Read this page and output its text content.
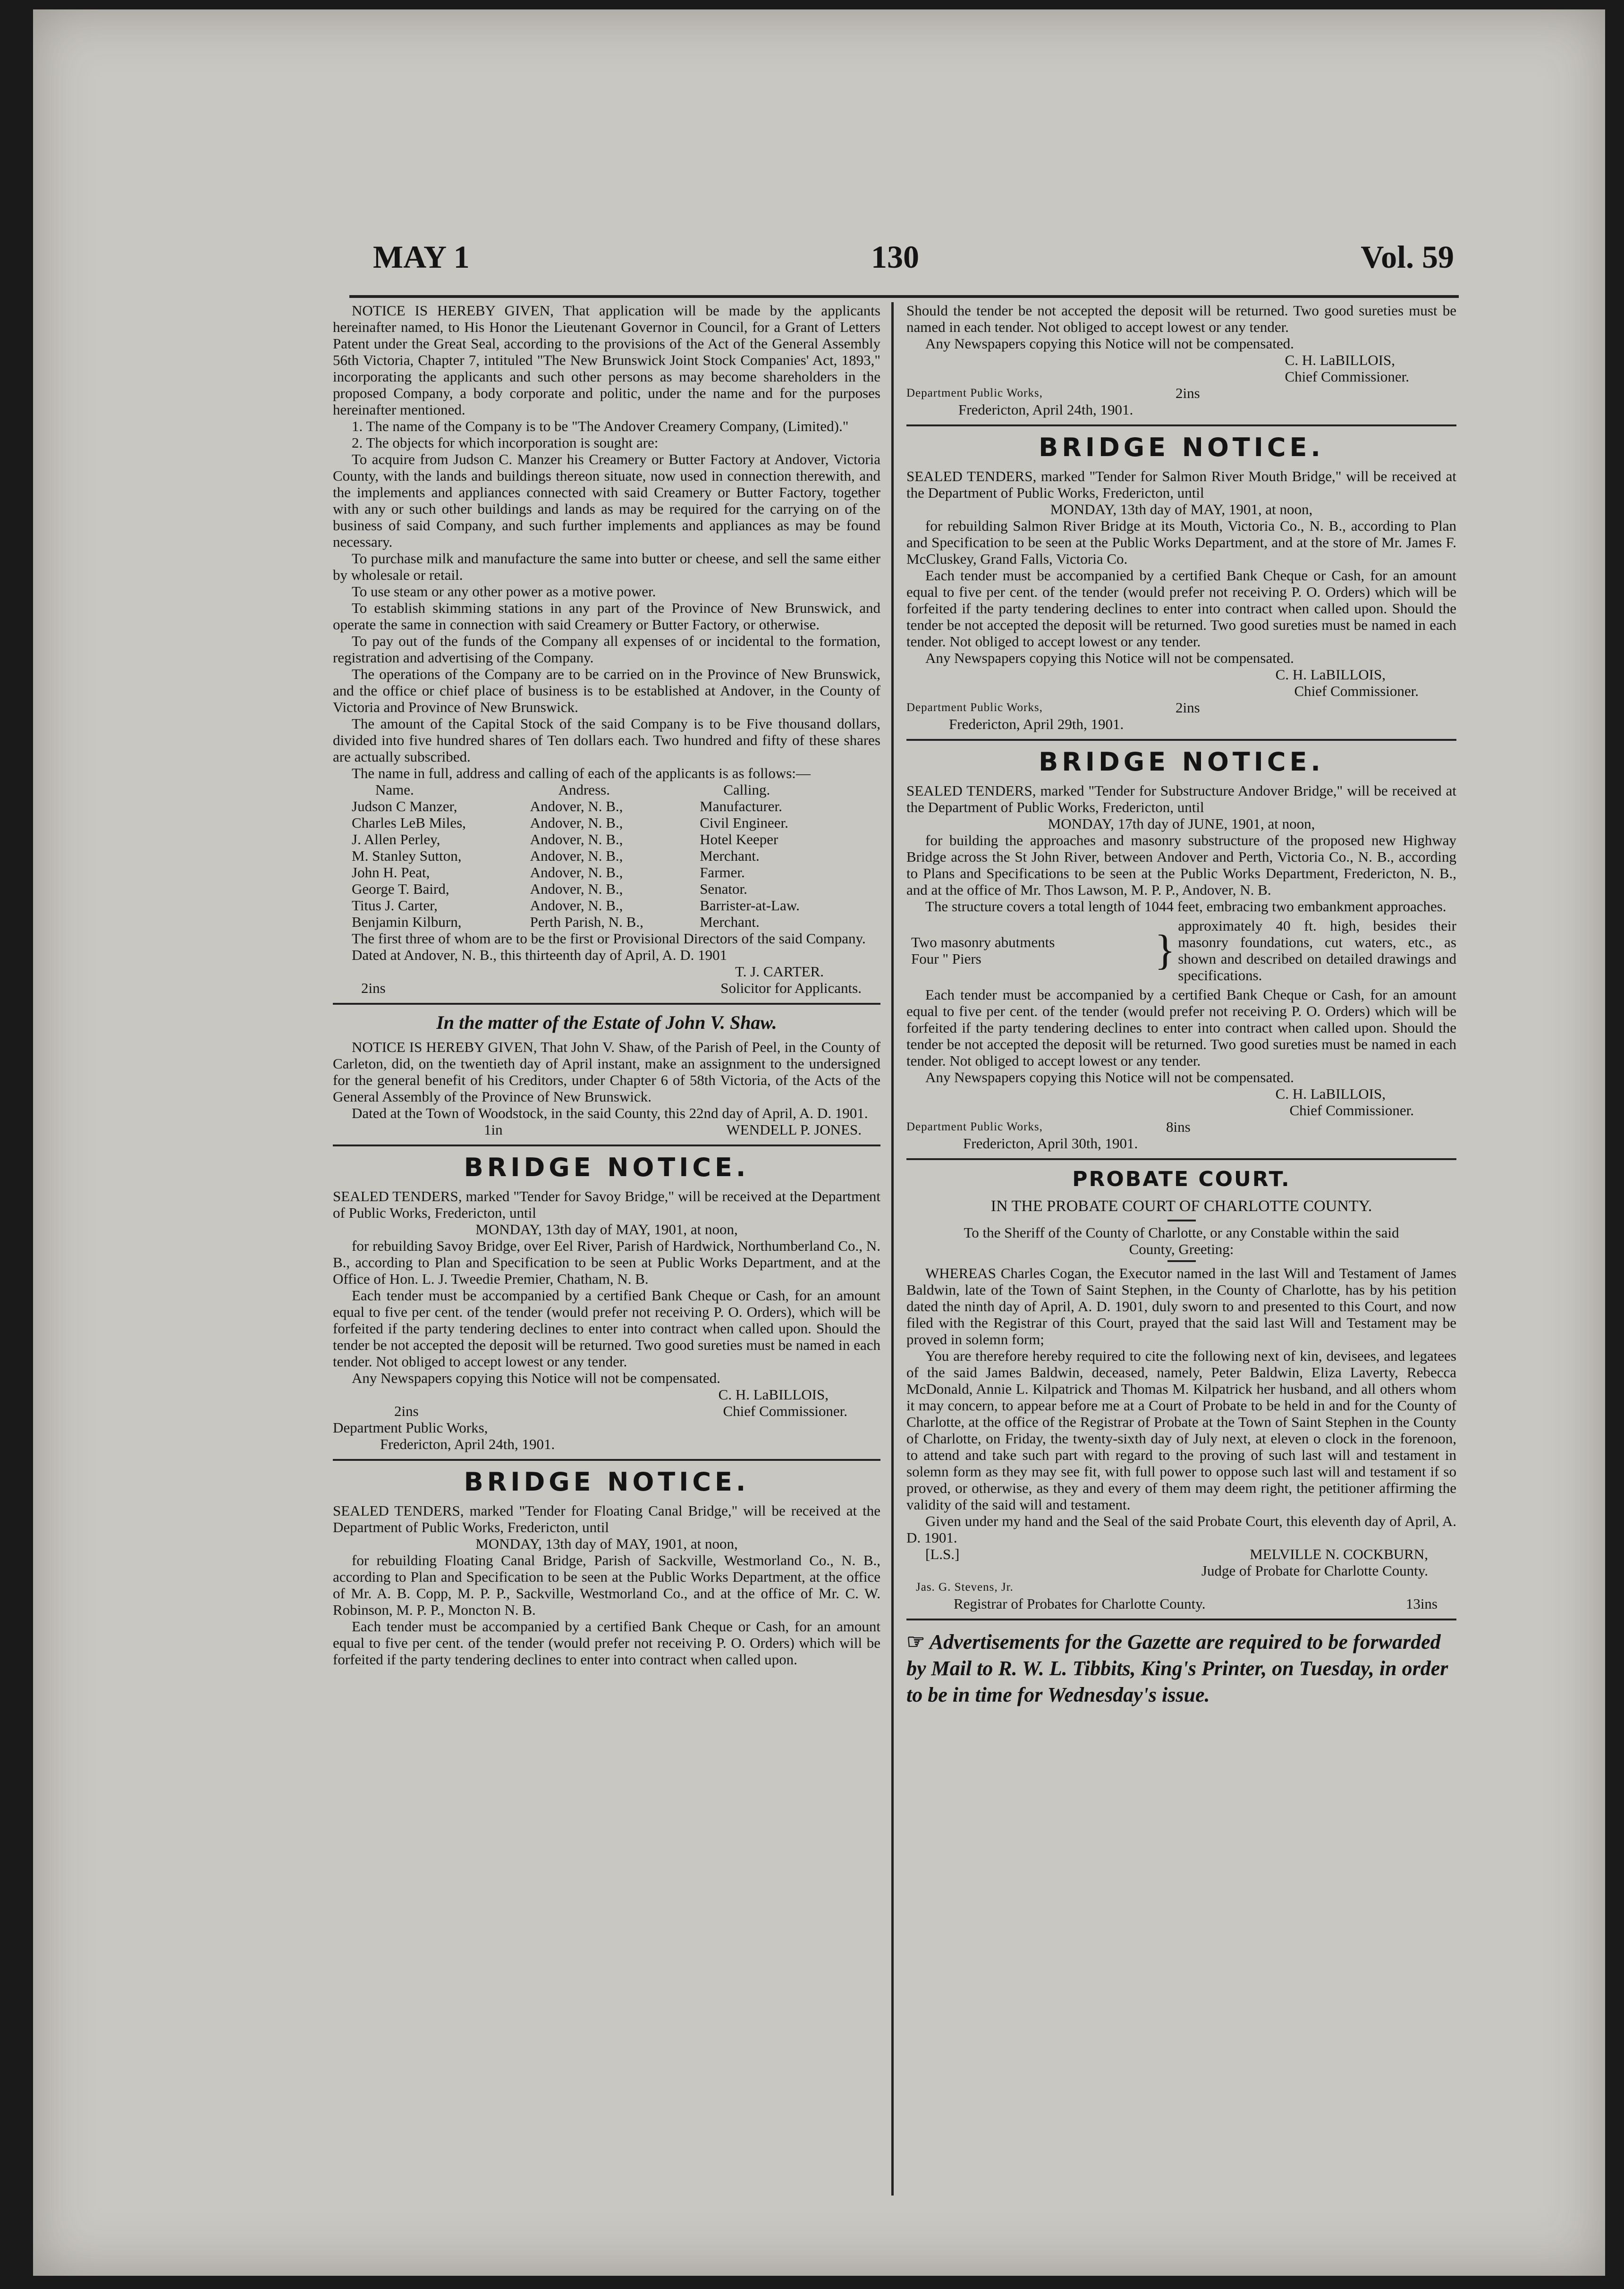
MAY 1	130	Vol. 59

NOTICE IS HEREBY GIVEN, That application will be made by the applicants hereinafter named, to His Honor the Lieutenant Governor in Council, for a Grant of Letters Patent under the Great Seal, according to the provisions of the Act of the General Assembly 56th Victoria, Chapter 7, intituled "The New Brunswick Joint Stock Companies' Act, 1893," incorporating the applicants and such other persons as may become shareholders in the proposed Company, a body corporate and politic, under the name and for the purposes hereinafter mentioned.

1. The name of the Company is to be "The Andover Creamery Company, (Limited)."

2. The objects for which incorporation is sought are:

To acquire from Judson C. Manzer his Creamery or Butter Factory at Andover, Victoria County, with the lands and buildings thereon situate, now used in connection therewith, and the implements and appliances connected with said Creamery or Butter Factory, together with any or such other buildings and lands as may be required for the carrying on of the business of said Company, and such further implements and appliances as may be found necessary.

To purchase milk and manufacture the same into butter or cheese, and sell the same either by wholesale or retail.

To use steam or any other power as a motive power.

To establish skimming stations in any part of the Province of New Brunswick, and operate the same in connection with said Creamery or Butter Factory, or otherwise.

To pay out of the funds of the Company all expenses of or incidental to the formation, registration and advertising of the Company.

The operations of the Company are to be carried on in the Province of New Brunswick, and the office or chief place of business is to be established at Andover, in the County of Victoria and Province of New Brunswick.

The amount of the Capital Stock of the said Company is to be Five thousand dollars, divided into five hundred shares of Ten dollars each. Two hundred and fifty of these shares are actually subscribed.

The name in full, address and calling of each of the applicants is as follows:—

Name.	Andress.	Calling.
Judson C Manzer,	Andover, N. B.,	Manufacturer.
Charles LeB Miles,	Andover, N. B.,	Civil Engineer.
J. Allen Perley,	Andover, N. B.,	Hotel Keeper
M. Stanley Sutton,	Andover, N. B.,	Merchant.
John H. Peat,	Andover, N. B.,	Farmer.
George T. Baird,	Andover, N. B.,	Senator.
Titus J. Carter,	Andover, N. B.,	Barrister-at-Law.
Benjamin Kilburn,	Perth Parish, N. B.,	Merchant.

The first three of whom are to be the first or Provisional Directors of the said Company.

Dated at Andover, N. B., this thirteenth day of April, A. D. 1901

T. J. CARTER.

2ins	Solicitor for Applicants.

In the matter of the Estate of John V. Shaw.

NOTICE IS HEREBY GIVEN, That John V. Shaw, of the Parish of Peel, in the County of Carleton, did, on the twentieth day of April instant, make an assignment to the undersigned for the general benefit of his Creditors, under Chapter 6 of 58th Victoria, of the Acts of the General Assembly of the Province of New Brunswick.

Dated at the Town of Woodstock, in the said County, this 22nd day of April, A. D. 1901.

1in	WENDELL P. JONES.

BRIDGE NOTICE.

SEALED TENDERS, marked "Tender for Savoy Bridge," will be received at the Department of Public Works, Fredericton, until

MONDAY, 13th day of MAY, 1901, at noon,

for rebuilding Savoy Bridge, over Eel River, Parish of Hardwick, Northumberland Co., N. B., according to Plan and Specification to be seen at Public Works Department, and at the Office of Hon. L. J. Tweedie Premier, Chatham, N. B.

Each tender must be accompanied by a certified Bank Cheque or Cash, for an amount equal to five per cent. of the tender (would prefer not receiving P. O. Orders), which will be forfeited if the party tendering declines to enter into contract when called upon. Should the tender be not accepted the deposit will be returned. Two good sureties must be named in each tender. Not obliged to accept lowest or any tender.

Any Newspapers copying this Notice will not be compensated.

C. H. LaBILLOIS,

2ins	Chief Commissioner.

Department Public Works,

Fredericton, April 24th, 1901.

BRIDGE NOTICE.

SEALED TENDERS, marked "Tender for Floating Canal Bridge," will be received at the Department of Public Works, Fredericton, until

MONDAY, 13th day of MAY, 1901, at noon,

for rebuilding Floating Canal Bridge, Parish of Sackville, Westmorland Co., N. B., according to Plan and Specification to be seen at the Public Works Department, at the office of Mr. A. B. Copp, M. P. P., Sackville, Westmorland Co., and at the office of Mr. C. W. Robinson, M. P. P., Moncton N. B.

Each tender must be accompanied by a certified Bank Cheque or Cash, for an amount equal to five per cent. of the tender (would prefer not receiving P. O. Orders) which will be forfeited if the party tendering declines to enter into contract when called upon.

Should the tender be not accepted the deposit will be returned. Two good sureties must be named in each tender. Not obliged to accept lowest or any tender.

Any Newspapers copying this Notice will not be compensated.

C. H. LaBILLOIS,

Chief Commissioner.

Department Public Works,	2ins

Fredericton, April 24th, 1901.

BRIDGE NOTICE.

SEALED TENDERS, marked "Tender for Salmon River Mouth Bridge," will be received at the Department of Public Works, Fredericton, until

MONDAY, 13th day of MAY, 1901, at noon,

for rebuilding Salmon River Bridge at its Mouth, Victoria Co., N. B., according to Plan and Specification to be seen at the Public Works Department, and at the store of Mr. James F. McCluskey, Grand Falls, Victoria Co.

Each tender must be accompanied by a certified Bank Cheque or Cash, for an amount equal to five per cent. of the tender (would prefer not receiving P. O. Orders) which will be forfeited if the party tendering declines to enter into contract when called upon. Should the tender be not accepted the deposit will be returned. Two good sureties must be named in each tender. Not obliged to accept lowest or any tender.

Any Newspapers copying this Notice will not be compensated.

C. H. LaBILLOIS,

Chief Commissioner.

Department Public Works,	2ins

Fredericton, April 29th, 1901.

BRIDGE NOTICE.

SEALED TENDERS, marked "Tender for Substructure Andover Bridge," will be received at the Department of Public Works, Fredericton, until

MONDAY, 17th day of JUNE, 1901, at noon,

for building the approaches and masonry substructure of the proposed new Highway Bridge across the St John River, between Andover and Perth, Victoria Co., N. B., according to Plans and Specifications to be seen at the Public Works Department, Fredericton, N. B., and at the office of Mr. Thos Lawson, M. P. P., Andover, N. B.

The structure covers a total length of 1044 feet, embracing two embankment approaches.

Two masonry abutments

Four " Piers	}
approximately 40 ft. high, besides their masonry foundations, cut waters, etc., as shown and described on detailed drawings and specifications.

Each tender must be accompanied by a certified Bank Cheque or Cash, for an amount equal to five per cent. of the tender (would prefer not receiving P. O. Orders) which will be forfeited if the party tendering declines to enter into contract when called upon. Should the tender be not accepted the deposit will be returned. Two good sureties must be named in each tender. Not obliged to accept lowest or any tender.

Any Newspapers copying this Notice will not be compensated.

C. H. LaBILLOIS,

Chief Commissioner.

Department Public Works,	8ins

Fredericton, April 30th, 1901.

PROBATE COURT.

IN THE PROBATE COURT OF CHARLOTTE COUNTY.

To the Sheriff of the County of Charlotte, or any Constable within the said County, Greeting:

WHEREAS Charles Cogan, the Executor named in the last Will and Testament of James Baldwin, late of the Town of Saint Stephen, in the County of Charlotte, has by his petition dated the ninth day of April, A. D. 1901, duly sworn to and presented to this Court, and now filed with the Registrar of this Court, prayed that the said last Will and Testament may be proved in solemn form;

You are therefore hereby required to cite the following next of kin, devisees, and legatees of the said James Baldwin, deceased, namely, Peter Baldwin, Eliza Laverty, Rebecca McDonald, Annie L. Kilpatrick and Thomas M. Kilpatrick her husband, and all others whom it may concern, to appear before me at a Court of Probate to be held in and for the County of Charlotte, at the office of the Registrar of Probate at the Town of Saint Stephen in the County of Charlotte, on Friday, the twenty-sixth day of July next, at eleven o clock in the forenoon, to attend and take such part with regard to the proving of such last will and testament in solemn form as they may see fit, with full power to oppose such last will and testament if so proved, or otherwise, as they and every of them may deem right, the petitioner affirming the validity of the said will and testament.

Given under my hand and the Seal of the said Probate Court, this eleventh day of April, A. D. 1901.

[L.S.]	MELVILLE N. COCKBURN,

Judge of Probate for Charlotte County.

Jas. G. Stevens, Jr.

Registrar of Probates for Charlotte County.	13ins

☞ Advertisements for the Gazette are required to be forwarded by Mail to R. W. L. Tibbits, King's Printer, on Tuesday, in order to be in time for Wednesday's issue.
